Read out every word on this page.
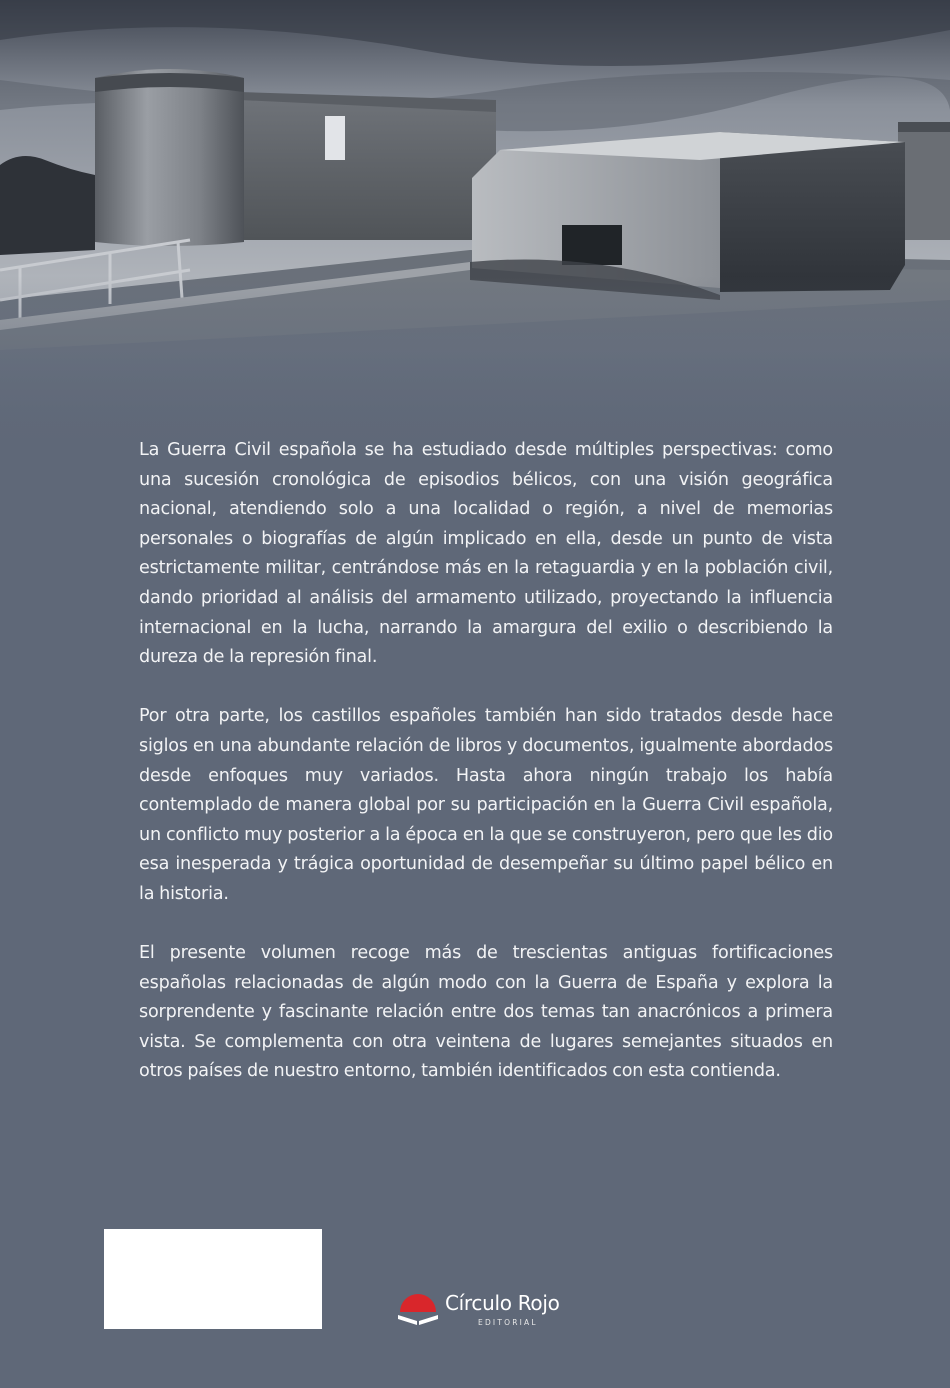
La Guerra Civil española se ha estudiado desde múltiples perspectivas: como una sucesión cronológica de episodios bélicos, con una visión geográfica nacional, atendiendo solo a una localidad o región, a nivel de memorias personales o biografías de algún implicado en ella, desde un punto de vista estrictamente militar, centrándose más en la retaguardia y en la población civil, dando prioridad al análisis del armamento utilizado, proyectando la influencia internacional en la lucha, narrando la amargura del exilio o describiendo la dureza de la represión final.

Por otra parte, los castillos españoles también han sido tratados desde hace siglos en una abundante relación de libros y documentos, igualmente abordados desde enfoques muy variados. Hasta ahora ningún trabajo los había contemplado de manera global por su participación en la Guerra Civil española, un conflicto muy posterior a la época en la que se construyeron, pero que les dio esa inesperada y trágica oportunidad de desempeñar su último papel bélico en la historia.

El presente volumen recoge más de trescientas antiguas fortificaciones españolas relacionadas de algún modo con la Guerra de España y explora la sorprendente y fascinante relación entre dos temas tan anacrónicos a primera vista. Se complementa con otra veintena de lugares semejantes situados en otros países de nuestro entorno, también identificados con esta contienda.

Círculo Rojo
EDITORIAL
